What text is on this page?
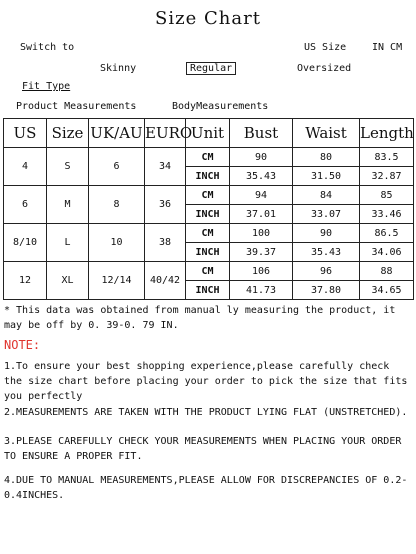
Size Chart
Switch to	US Size	IN CM
Skinny	Regular	Oversized
Fit Type
Product Measurements	BodyMeasurements
US	Size	UK/AU	EURO	Unit	Bust	Waist	Length
4	S	6	34	CM	90	80	83.5
				INCH	35.43	31.50	32.87
6	M	8	36	CM	94	84	85
				INCH	37.01	33.07	33.46
8/10	L	10	38	CM	100	90	86.5
				INCH	39.37	35.43	34.06
12	XL	12/14	40/42	CM	106	96	88
				INCH	41.73	37.80	34.65
* This data was obtained from manual ly measuring the product, it may be off by 0. 39-0. 79 IN.
NOTE:
1.To ensure your best shopping experience,please carefully check the size chart before placing your order to pick the size that fits you perfectly
2.MEASUREMENTS ARE TAKEN WITH THE PRODUCT LYING FLAT (UNSTRETCHED).
3.PLEASE CAREFULLY CHECK YOUR MEASUREMENTS WHEN PLACING YOUR ORDER TO ENSURE A PROPER FIT.
4.DUE TO MANUAL MEASUREMENTS,PLEASE ALLOW FOR DISCREPANCIES OF 0.2-0.4INCHES.
